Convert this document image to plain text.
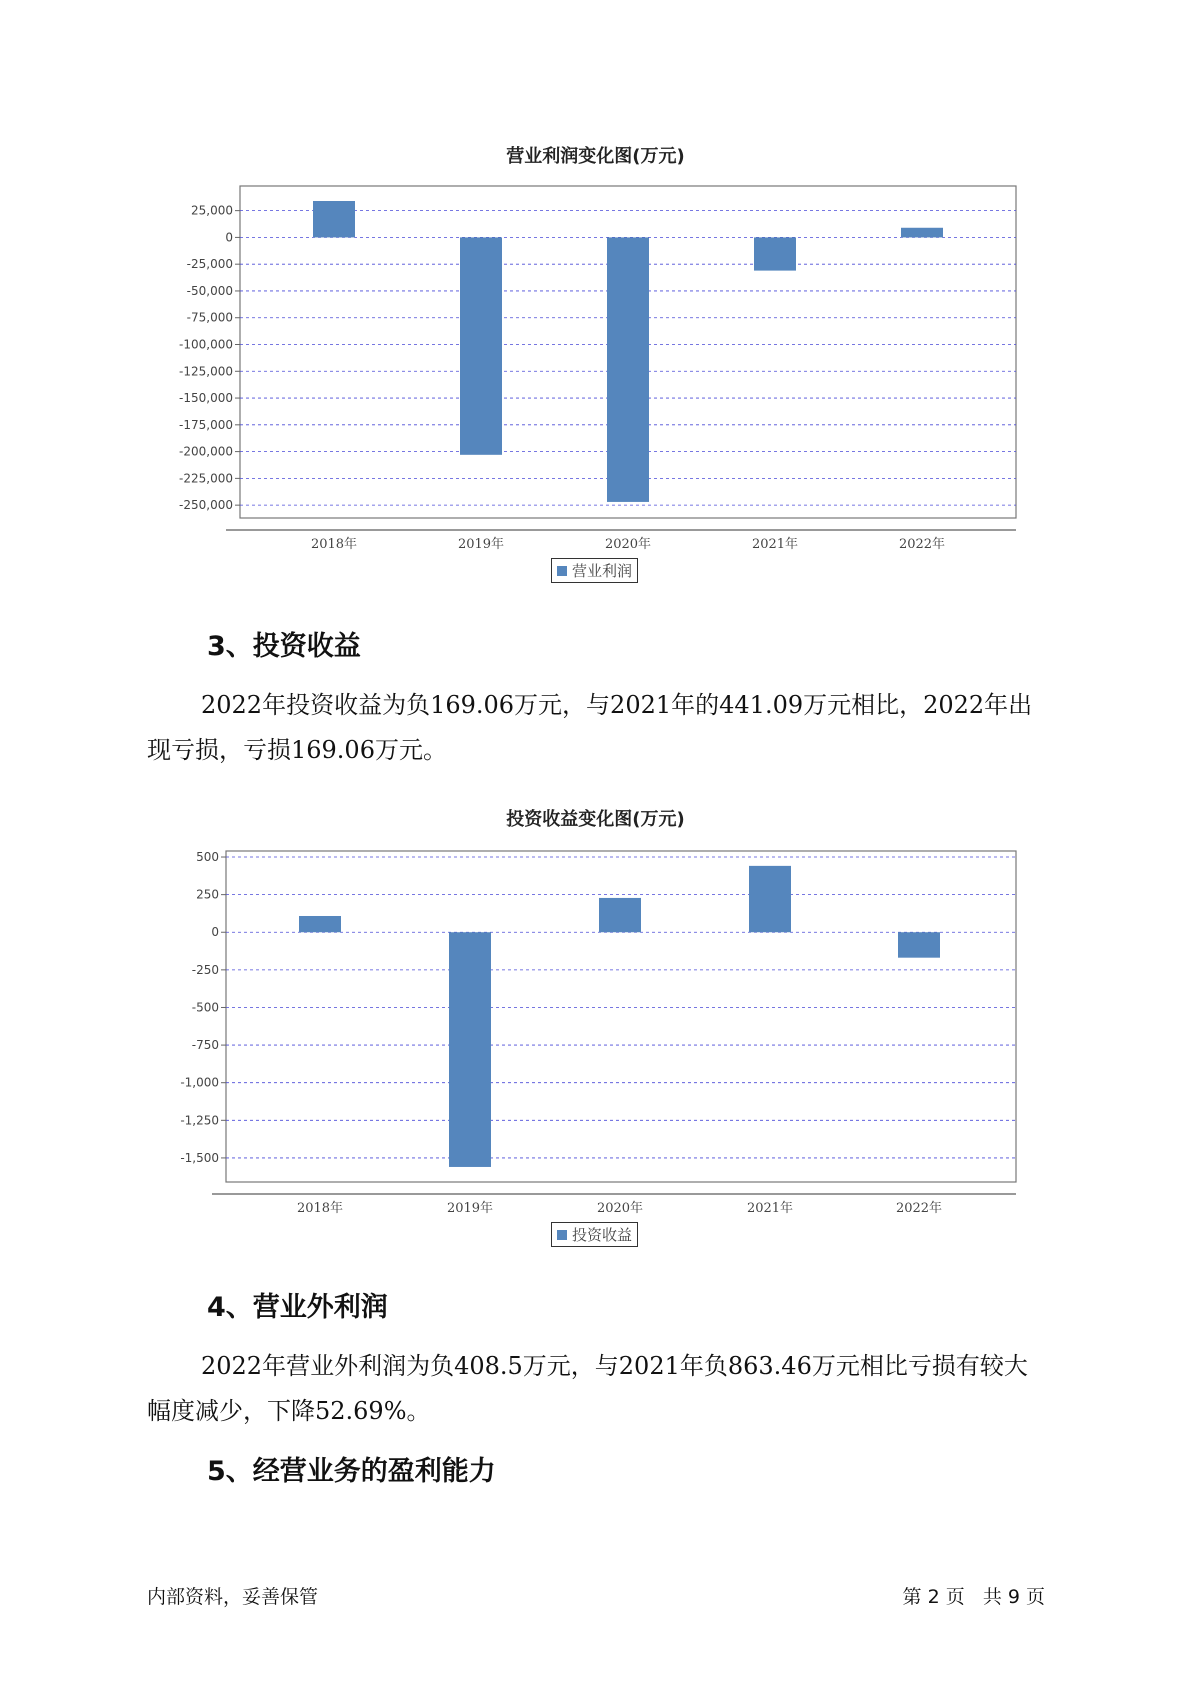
营业利润变化图(万元)
25,000
0
-25,000
-50,000
-75,000
-100,000
-125,000
-150,000
-175,000
-200,000
-225,000
-250,000
2018年	2019年	2020年	2021年	2022年
营业利润
3、投资收益

2022年投资收益为负169.06万元，与2021年的441.09万元相比，2022年出现亏损，亏损169.06万元。

投资收益变化图(万元)
500
250
0
-250
-500
-750
-1,000
-1,250
-1,500
2018年	2019年	2020年	2021年	2022年
投资收益
4、营业外利润

2022年营业外利润为负408.5万元，与2021年负863.46万元相比亏损有较大幅度减少，下降52.69%。

5、经营业务的盈利能力
内部资料，妥善保管	第 2 页   共 9 页
